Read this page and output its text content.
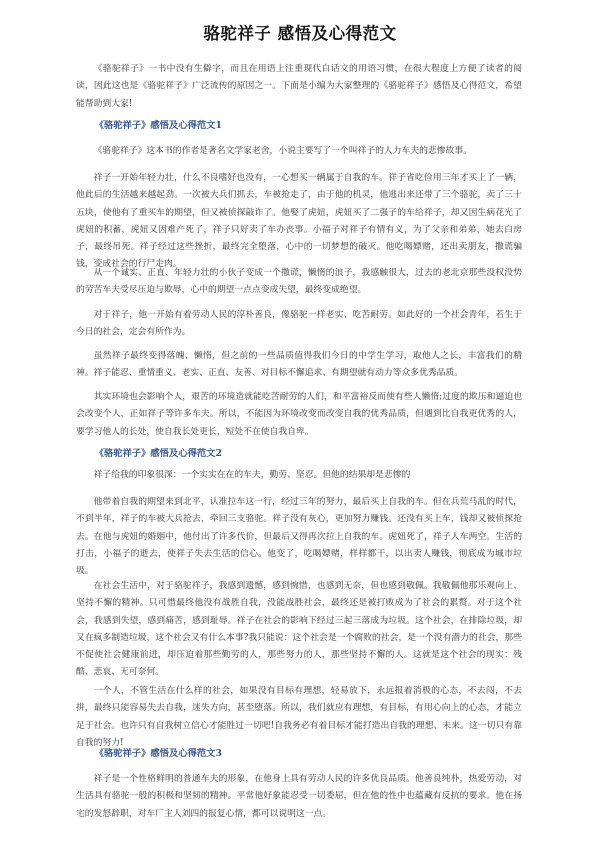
骆驼祥子 感悟及心得范文

《骆驼祥子》一书中没有生僻字，而且在用语上注重现代白话文的用语习惯，在很大程度上方便了读者的阅读，因此这也是《骆驼祥子》广泛流传的原因之一。下面是小编为大家整理的《骆驼祥子》感悟及心得范文，希望能帮助到大家!

《骆驼祥子》感悟及心得范文1

《骆驼祥子》这本书的作者是著名文学家老舍，小说主要写了一个叫祥子的人力车夫的悲惨故事。

祥子一开始年轻力壮，什么不良嗜好也没有，一心想买一辆属于自我的车。祥子省吃俭用三年才买上了一辆，他此后的生活越来越起劲。一次被大兵们抓去，车被抢走了，由于他的机灵，他逃出来还带了三个骆驼，卖了三十五块，使他有了重买车的期望，但又被侦探敲诈了。他娶了虎妞，虎妞买了二强子的车给祥子，却又因生病花光了虎妞的积蓄，虎妞又因难产死了，祥子只好卖了车办丧事。小福子对祥子有情有义，为了父亲和弟弟，她去白房子，最终吊死。祥子经过这些挫折，最终完全堕落，心中的一切梦想的破灭。他吃喝嫖赌，还出卖朋友，撒谎骗钱，变成社会的行尸走肉。

从一个诚实、正直、年轻力壮的小伙子变成一个撒谎，懒惰的浪子，我感触很大，过去的老北京那些没权没势的劳苦车夫受尽压迫与欺辱，心中的期望一点点变成失望，最终变成绝望。

对于祥子，他一开始有着劳动人民的淳朴善良，像骆驼一样老实、吃苦耐劳。如此好的一个社会青年，若生于今日的社会，定会有所作为。

虽然祥子最终变得落魄、懒惰，但之前的一些品质值得我们今日的中学生学习，取他人之长，丰富我们的精神。祥子能忍、重情重义、老实、正直、友善、对目标不懈追求、有期望就有动力等众多优秀品质。

其实环境也会影响个人，艰苦的环境造就能吃苦耐劳的人们，和平富裕反而使有些人懒惰;过度的欺压和逼迫也会改变个人，正如祥子等许多车夫。所以，不能因为环境改变而改变自我的优秀品质，但遇到比自我更优秀的人，要学习他人的长处，使自我长处更长，短处不在使自我自卑。

《骆驼祥子》感悟及心得范文2

祥子给我的印象很深：一个实实在在的车夫，勤劳、坚忍。但他的结果却是悲惨的

他带着自我的期望来到北平，认准拉车这一行，经过三年的努力，最后买上自我的车。但在兵荒马乱的时代，不到半年，祥子的车被大兵抢去，牵回三支骆驼。祥子没有灰心，更加努力赚钱。还没有买上车，钱却又被侦探抢去。在他与虎妞的婚姻中，他付出了许多代价，但最后又得再次拉上自我的车。虎妞死了，祥子人车两空。生活的打击，小福子的逝去，使祥子失去生活的信心。他变了，吃喝嫖赌，样样都干，以出卖人赚钱，彻底成为城市垃圾。

在社会生活中，对于骆驼祥子，我感到遗憾，感到惋惜，也感到无奈，但也感到敬佩。我敬佩他那乐观向上、坚持不懈的精神。只可惜最终他没有战胜自我，没能战胜社会，最终还是被打败成为了社会的累赘。对于这个社会，我感到失望，感到痛苦，感到耻辱。祥子在社会的影响下经过三起三落成为垃圾。这个社会，在排除垃圾，却又在疯多制造垃圾，这个社会又有什么本事?我只能说：这个社会是一个腐败的社会，是一个没有潜力的社会，那些不促使社会健康前进，却压迫着那些勤劳的人，那些努力的人，那些坚持不懈的人。这就是这个社会的现实：残酷、悲哀、无可奈何。

一个人，不管生活在什么样的社会，如果没有目标有理想，轻易放下，永远报着消极的心态，不去闯，不去拼，最终只能容易失去自我，迷失方向，甚至堕落。所以，我们就应有理想，有目标，有用心向上的心态，才能立足于社会。也许只有自我树立信心才能胜过一切吧!自我务必有着目标才能打造出自我的理想、未来。这一切只有靠自我的努力!

《骆驼祥子》感悟及心得范文3

祥子是一个性格鲜明的普通车夫的形象，在他身上具有劳动人民的许多优良品质。他善良纯朴，热爱劳动，对生活具有骆驼一般的积极和坚韧的精神。平常他好象能忍受一切委屈，但在他的性中也蕴藏有反抗的要求。他在扬宅的发怒辞职，对车厂主人刘四的报复心情，都可以说明这一点。
